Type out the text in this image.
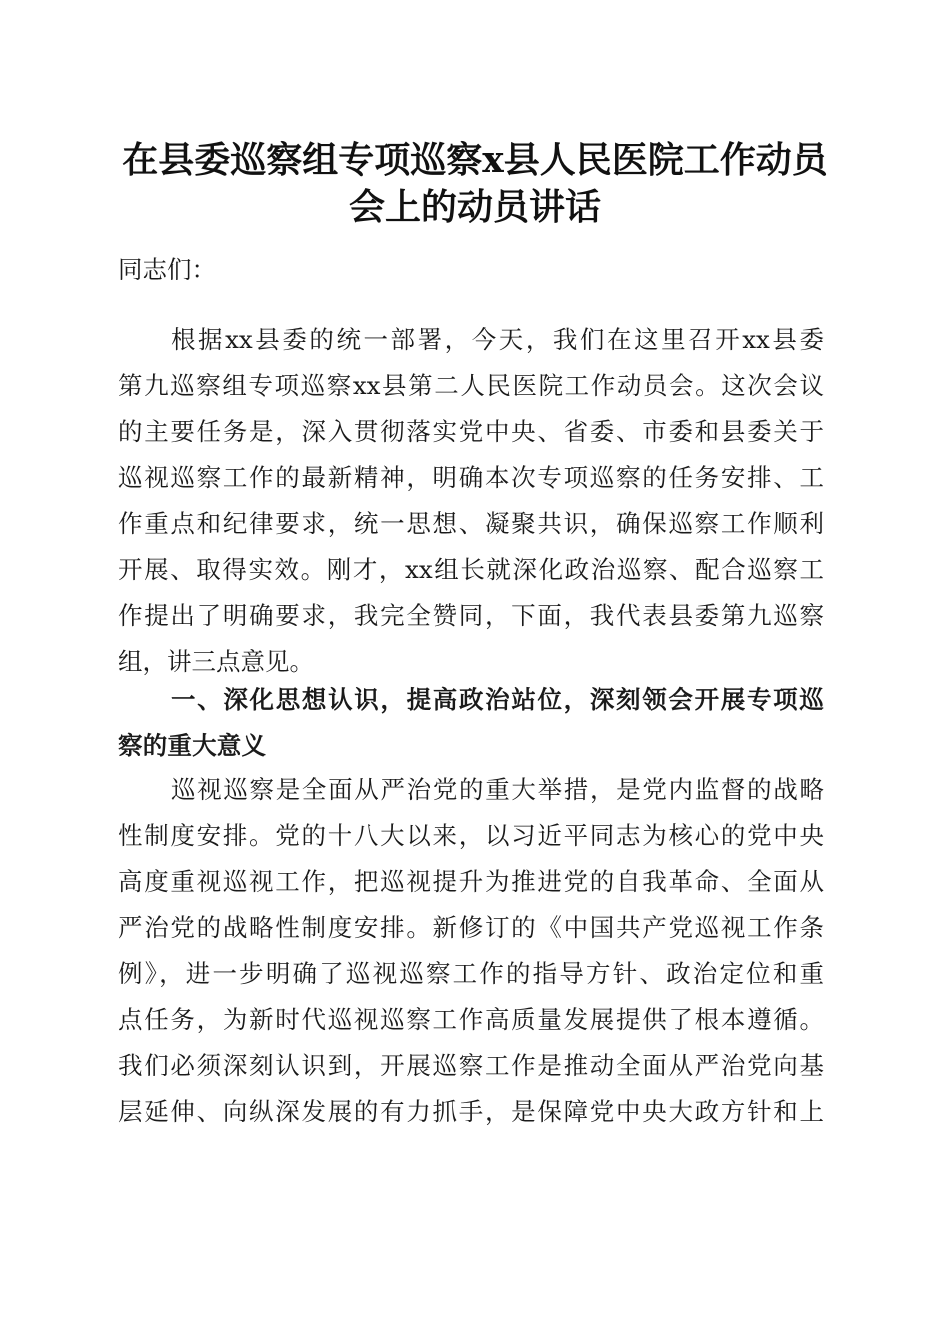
在县委巡察组专项巡察x县人民医院工作动员
会上的动员讲话
同志们：
根据xx县委的统一部署，今天，我们在这里召开xx县委
第九巡察组专项巡察xx县第二人民医院工作动员会。这次会议
的主要任务是，深入贯彻落实党中央、省委、市委和县委关于
巡视巡察工作的最新精神，明确本次专项巡察的任务安排、工
作重点和纪律要求，统一思想、凝聚共识，确保巡察工作顺利
开展、取得实效。刚才，xx组长就深化政治巡察、配合巡察工
作提出了明确要求，我完全赞同，下面，我代表县委第九巡察
组，讲三点意见。
一、深化思想认识，提高政治站位，深刻领会开展专项巡
察的重大意义
巡视巡察是全面从严治党的重大举措，是党内监督的战略
性制度安排。党的十八大以来，以习近平同志为核心的党中央
高度重视巡视工作，把巡视提升为推进党的自我革命、全面从
严治党的战略性制度安排。新修订的《中国共产党巡视工作条
例》，进一步明确了巡视巡察工作的指导方针、政治定位和重
点任务，为新时代巡视巡察工作高质量发展提供了根本遵循。
我们必须深刻认识到，开展巡察工作是推动全面从严治党向基
层延伸、向纵深发展的有力抓手，是保障党中央大政方针和上
